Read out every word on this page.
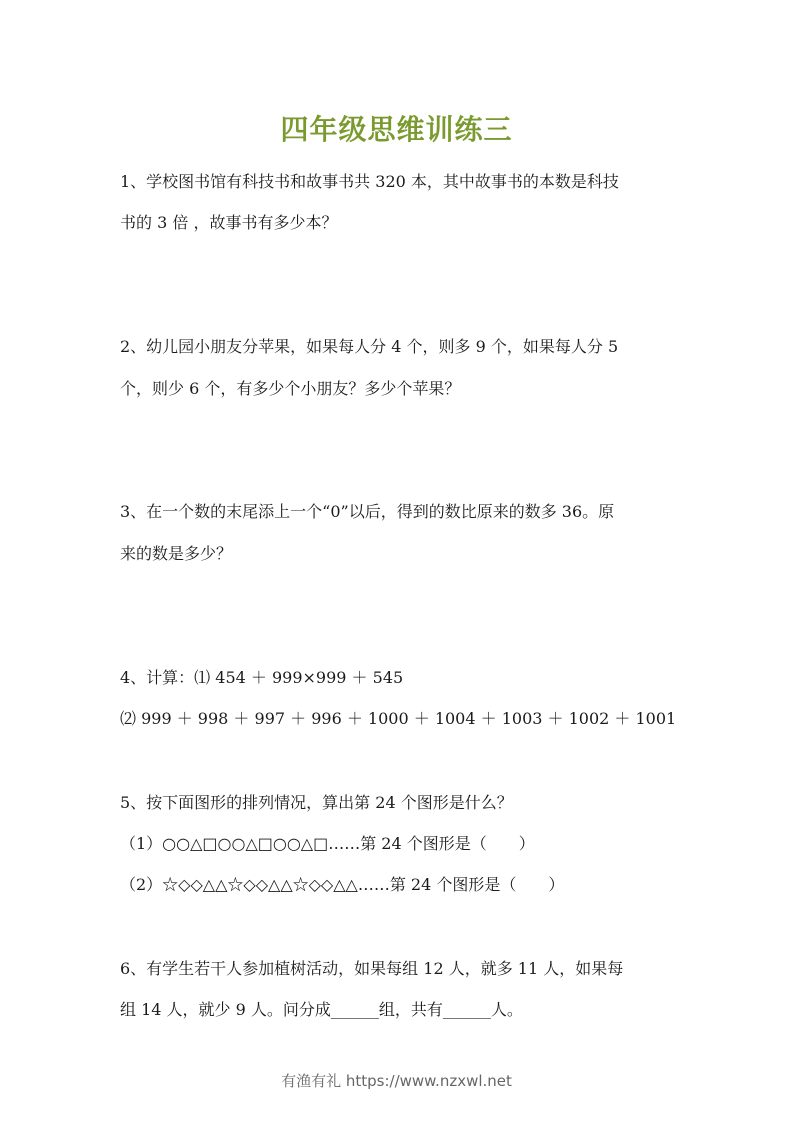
四年级思维训练三
1、学校图书馆有科技书和故事书共 320 本，其中故事书的本数是科技
书的 3 倍 ，故事书有多少本？
2、幼儿园小朋友分苹果，如果每人分 4 个，则多 9 个，如果每人分 5
个，则少 6 个，有多少个小朋友？多少个苹果？
3、在一个数的末尾添上一个“0”以后，得到的数比原来的数多 36。原
来的数是多少？
4、计算：⑴ 454 ＋ 999×999 ＋ 545
⑵ 999 ＋ 998 ＋ 997 ＋ 996 ＋ 1000 ＋ 1004 ＋ 1003 ＋ 1002 ＋ 1001
5、按下面图形的排列情况，算出第 24 个图形是什么？
（1）○○△□○○△□○○△□……第 24 个图形是（　　）
（2）☆◇◇△△☆◇◇△△☆◇◇△△……第 24 个图形是（　　）
6、有学生若干人参加植树活动，如果每组 12 人，就多 11 人，如果每
组 14 人，就少 9 人。问分成______组，共有______人。
有渔有礼 https://www.nzxwl.net
